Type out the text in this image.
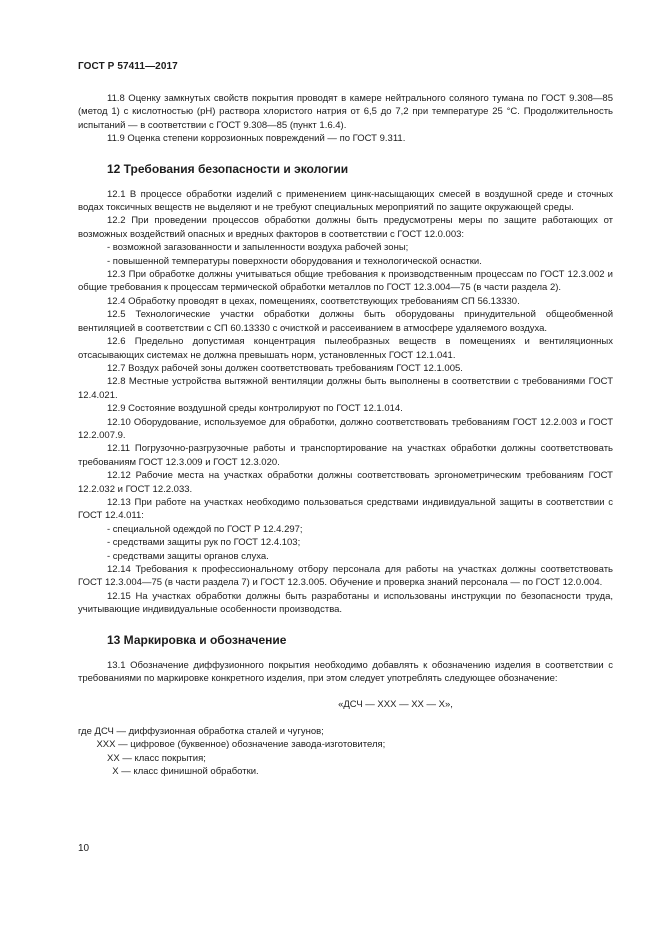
ГОСТ Р 57411—2017

11.8 Оценку замкнутых свойств покрытия проводят в камере нейтрального соляного тумана по ГОСТ 9.308—85 (метод 1) с кислотностью (pH) раствора хлористого натрия от 6,5 до 7,2 при температуре 25 °С. Продолжительность испытаний — в соответствии с ГОСТ 9.308—85 (пункт 1.6.4).

11.9 Оценка степени коррозионных повреждений — по ГОСТ 9.311.

12 Требования безопасности и экологии

12.1 В процессе обработки изделий с применением цинк-насыщающих смесей в воздушной среде и сточных водах токсичных веществ не выделяют и не требуют специальных мероприятий по защите окружающей среды.

12.2 При проведении процессов обработки должны быть предусмотрены меры по защите работающих от возможных воздействий опасных и вредных факторов в соответствии с ГОСТ 12.0.003:

- возможной загазованности и запыленности воздуха рабочей зоны;

- повышенной температуры поверхности оборудования и технологической оснастки.

12.3 При обработке должны учитываться общие требования к производственным процессам по ГОСТ 12.3.002 и общие требования к процессам термической обработки металлов по ГОСТ 12.3.004—75 (в части раздела 2).

12.4 Обработку проводят в цехах, помещениях, соответствующих требованиям СП 56.13330.

12.5 Технологические участки обработки должны быть оборудованы принудительной общеобменной вентиляцией в соответствии с СП 60.13330 с очисткой и рассеиванием в атмосфере удаляемого воздуха.

12.6 Предельно допустимая концентрация пылеобразных веществ в помещениях и вентиляционных отсасывающих системах не должна превышать норм, установленных ГОСТ 12.1.041.

12.7 Воздух рабочей зоны должен соответствовать требованиям ГОСТ 12.1.005.

12.8 Местные устройства вытяжной вентиляции должны быть выполнены в соответствии с требованиями ГОСТ 12.4.021.

12.9 Состояние воздушной среды контролируют по ГОСТ 12.1.014.

12.10 Оборудование, используемое для обработки, должно соответствовать требованиям ГОСТ 12.2.003 и ГОСТ 12.2.007.9.

12.11 Погрузочно-разгрузочные работы и транспортирование на участках обработки должны соответствовать требованиям ГОСТ 12.3.009 и ГОСТ 12.3.020.

12.12 Рабочие места на участках обработки должны соответствовать эргонометрическим требованиям ГОСТ 12.2.032 и ГОСТ 12.2.033.

12.13 При работе на участках необходимо пользоваться средствами индивидуальной защиты в соответствии с ГОСТ 12.4.011:

- специальной одеждой по ГОСТ Р 12.4.297;

- средствами защиты рук по ГОСТ 12.4.103;

- средствами защиты органов слуха.

12.14 Требования к профессиональному отбору персонала для работы на участках должны соответствовать ГОСТ 12.3.004—75 (в части раздела 7) и ГОСТ 12.3.005. Обучение и проверка знаний персонала — по ГОСТ 12.0.004.

12.15 На участках обработки должны быть разработаны и использованы инструкции по безопасности труда, учитывающие индивидуальные особенности производства.

13 Маркировка и обозначение

13.1 Обозначение диффузионного покрытия необходимо добавлять к обозначению изделия в соответствии с требованиями по маркировке конкретного изделия, при этом следует употреблять следующее обозначение:

«ДСЧ — ХХХ — ХХ — Х»,

где ДСЧ — диффузионная обработка сталей и чугунов;

ХХХ — цифровое (буквенное) обозначение завода-изготовителя;

ХХ — класс покрытия;

Х — класс финишной обработки.

10
